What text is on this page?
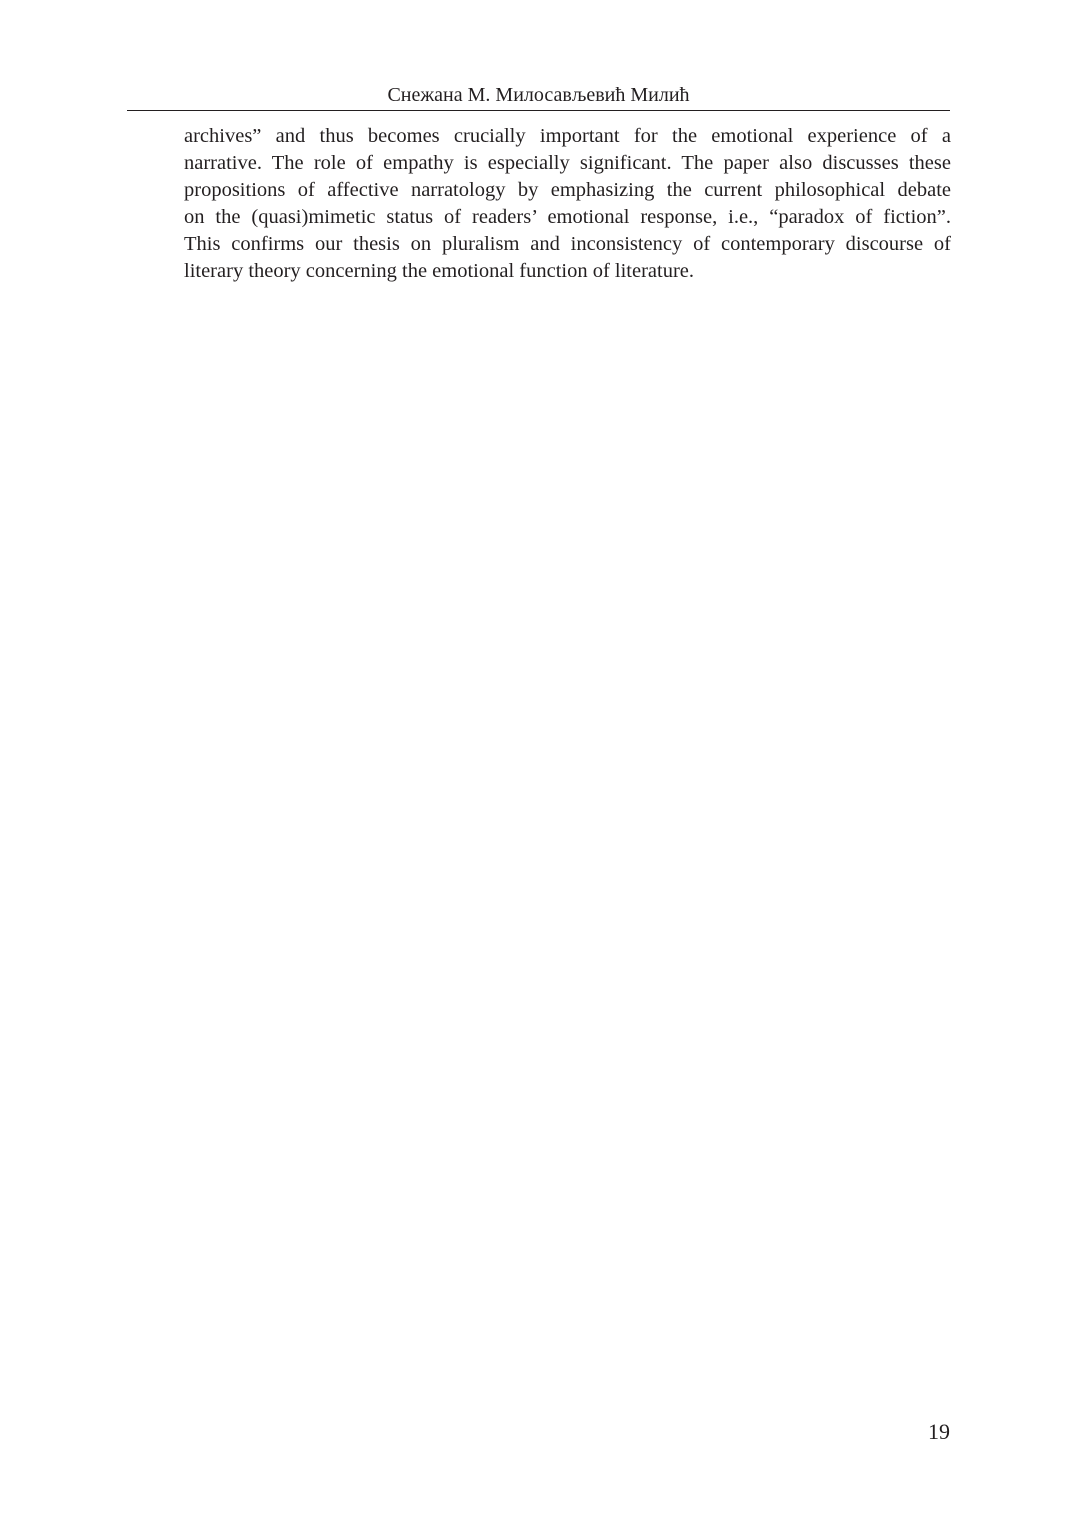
Снежана М. Милосављевић Милић
archives” and thus becomes crucially important for the emotional experience of a
narrative. The role of empathy is especially significant. The paper also discusses these
propositions of affective narratology by emphasizing the current philosophical debate
on the (quasi)mimetic status of readers’ emotional response, i.e., “paradox of fiction”.
This confirms our thesis on pluralism and inconsistency of contemporary discourse of
literary theory concerning the emotional function of literature.
19
